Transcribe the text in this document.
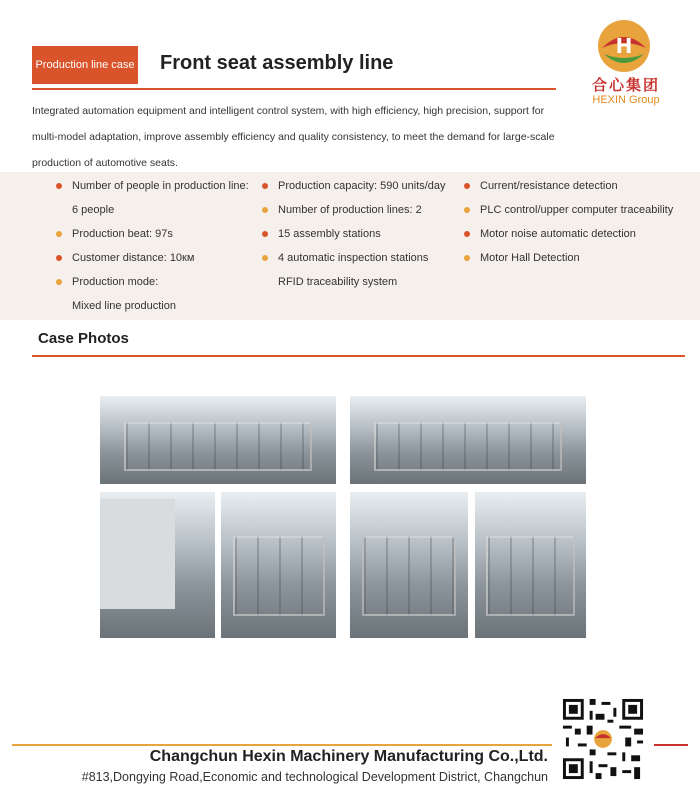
Production line case Front seat assembly line
H
合心集团
HEXIN Group
Integrated automation equipment and intelligent control system, with high efficiency, high precision, support for multi-model adaptation, improve assembly efficiency and quality consistency, to meet the demand for large-scale production of automotive seats.
Number of people in production line:
6 people
Production beat: 97s
Customer distance: 10км
Production mode:
Mixed line production
Production capacity: 590 units/day
Number of production lines: 2
15 assembly stations
4 automatic inspection stations
RFID traceability system
Current/resistance detection
PLC control/upper computer traceability
Motor noise automatic detection
Motor Hall Detection
Case Photos
Changchun Hexin Machinery Manufacturing Co.,Ltd.
#813,Dongying Road,Economic and technological Development District, Changchun
